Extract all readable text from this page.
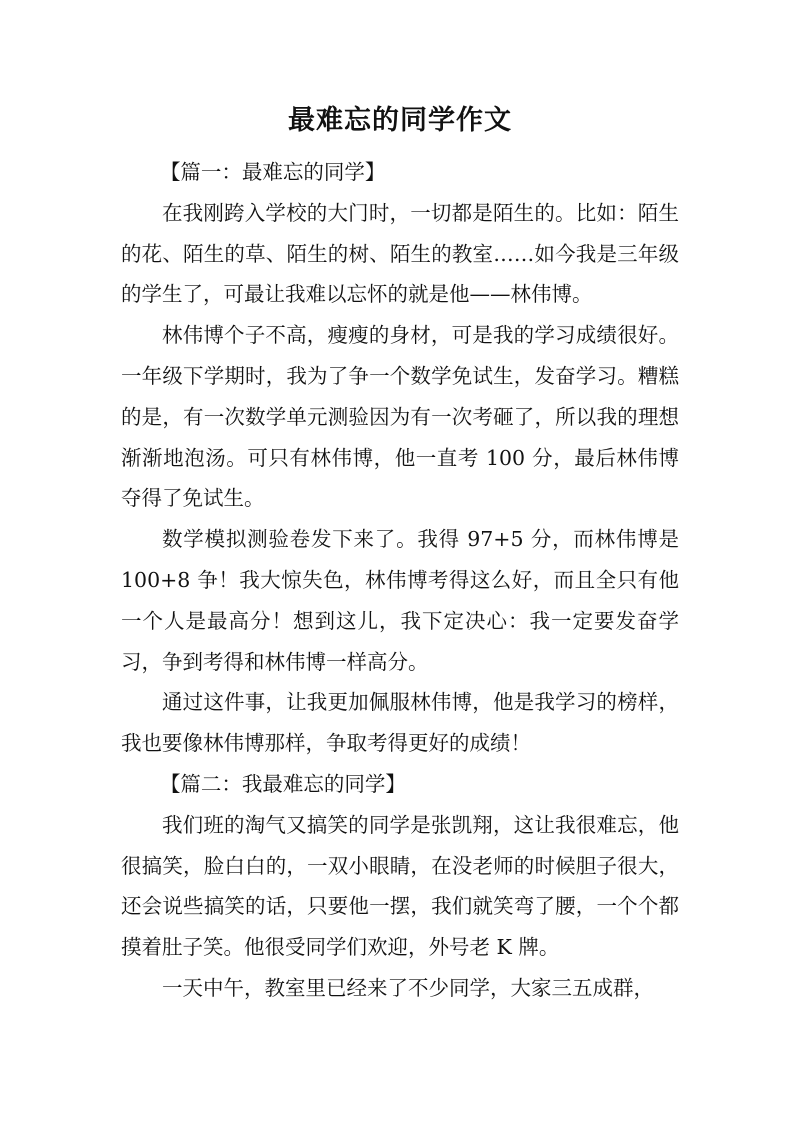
最难忘的同学作文

【篇一：最难忘的同学】

在我刚跨入学校的大门时，一切都是陌生的。比如：陌生的花、陌生的草、陌生的树、陌生的教室……如今我是三年级的学生了，可最让我难以忘怀的就是他——林伟博。

林伟博个子不高，瘦瘦的身材，可是我的学习成绩很好。一年级下学期时，我为了争一个数学免试生，发奋学习。糟糕的是，有一次数学单元测验因为有一次考砸了，所以我的理想渐渐地泡汤。可只有林伟博，他一直考 100 分，最后林伟博夺得了免试生。

数学模拟测验卷发下来了。我得 97+5 分，而林伟博是100+8 争！我大惊失色，林伟博考得这么好，而且全只有他一个人是最高分！想到这儿，我下定决心：我一定要发奋学习，争到考得和林伟博一样高分。

通过这件事，让我更加佩服林伟博，他是我学习的榜样，我也要像林伟博那样，争取考得更好的成绩！

【篇二：我最难忘的同学】

我们班的淘气又搞笑的同学是张凯翔，这让我很难忘，他很搞笑，脸白白的，一双小眼睛，在没老师的时候胆子很大，还会说些搞笑的话，只要他一摆，我们就笑弯了腰，一个个都摸着肚子笑。他很受同学们欢迎，外号老 K 牌。

一天中午，教室里已经来了不少同学，大家三五成群，
